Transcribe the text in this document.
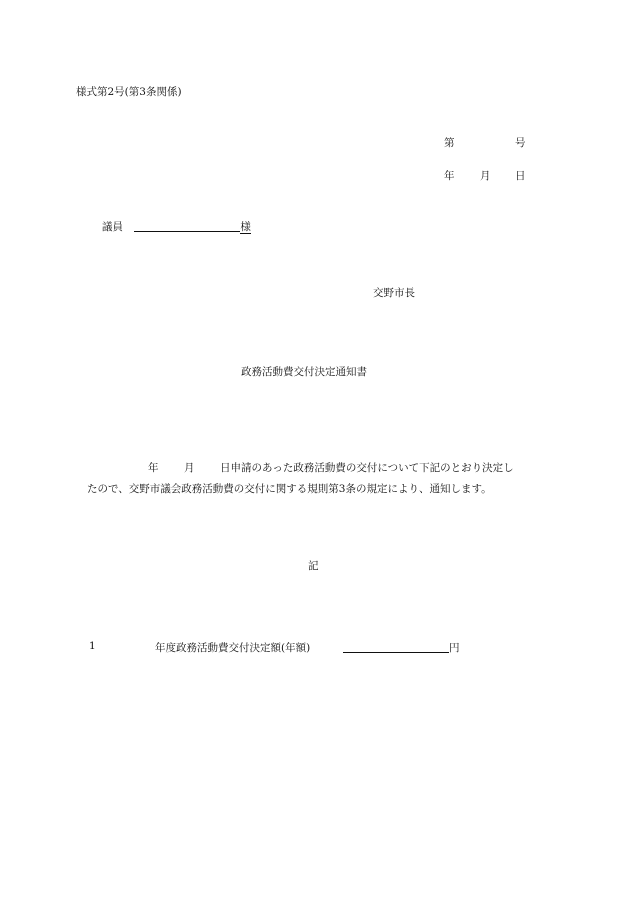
様式第2号(第3条関係)
第	号
年 月 日
議員	様
交野市長
政務活動費交付決定通知書
年 月 日申請のあった政務活動費の交付について下記のとおり決定し
たので、交野市議会政務活動費の交付に関する規則第3条の規定により、通知します。
記
1	年度政務活動費交付決定額(年額)	円
